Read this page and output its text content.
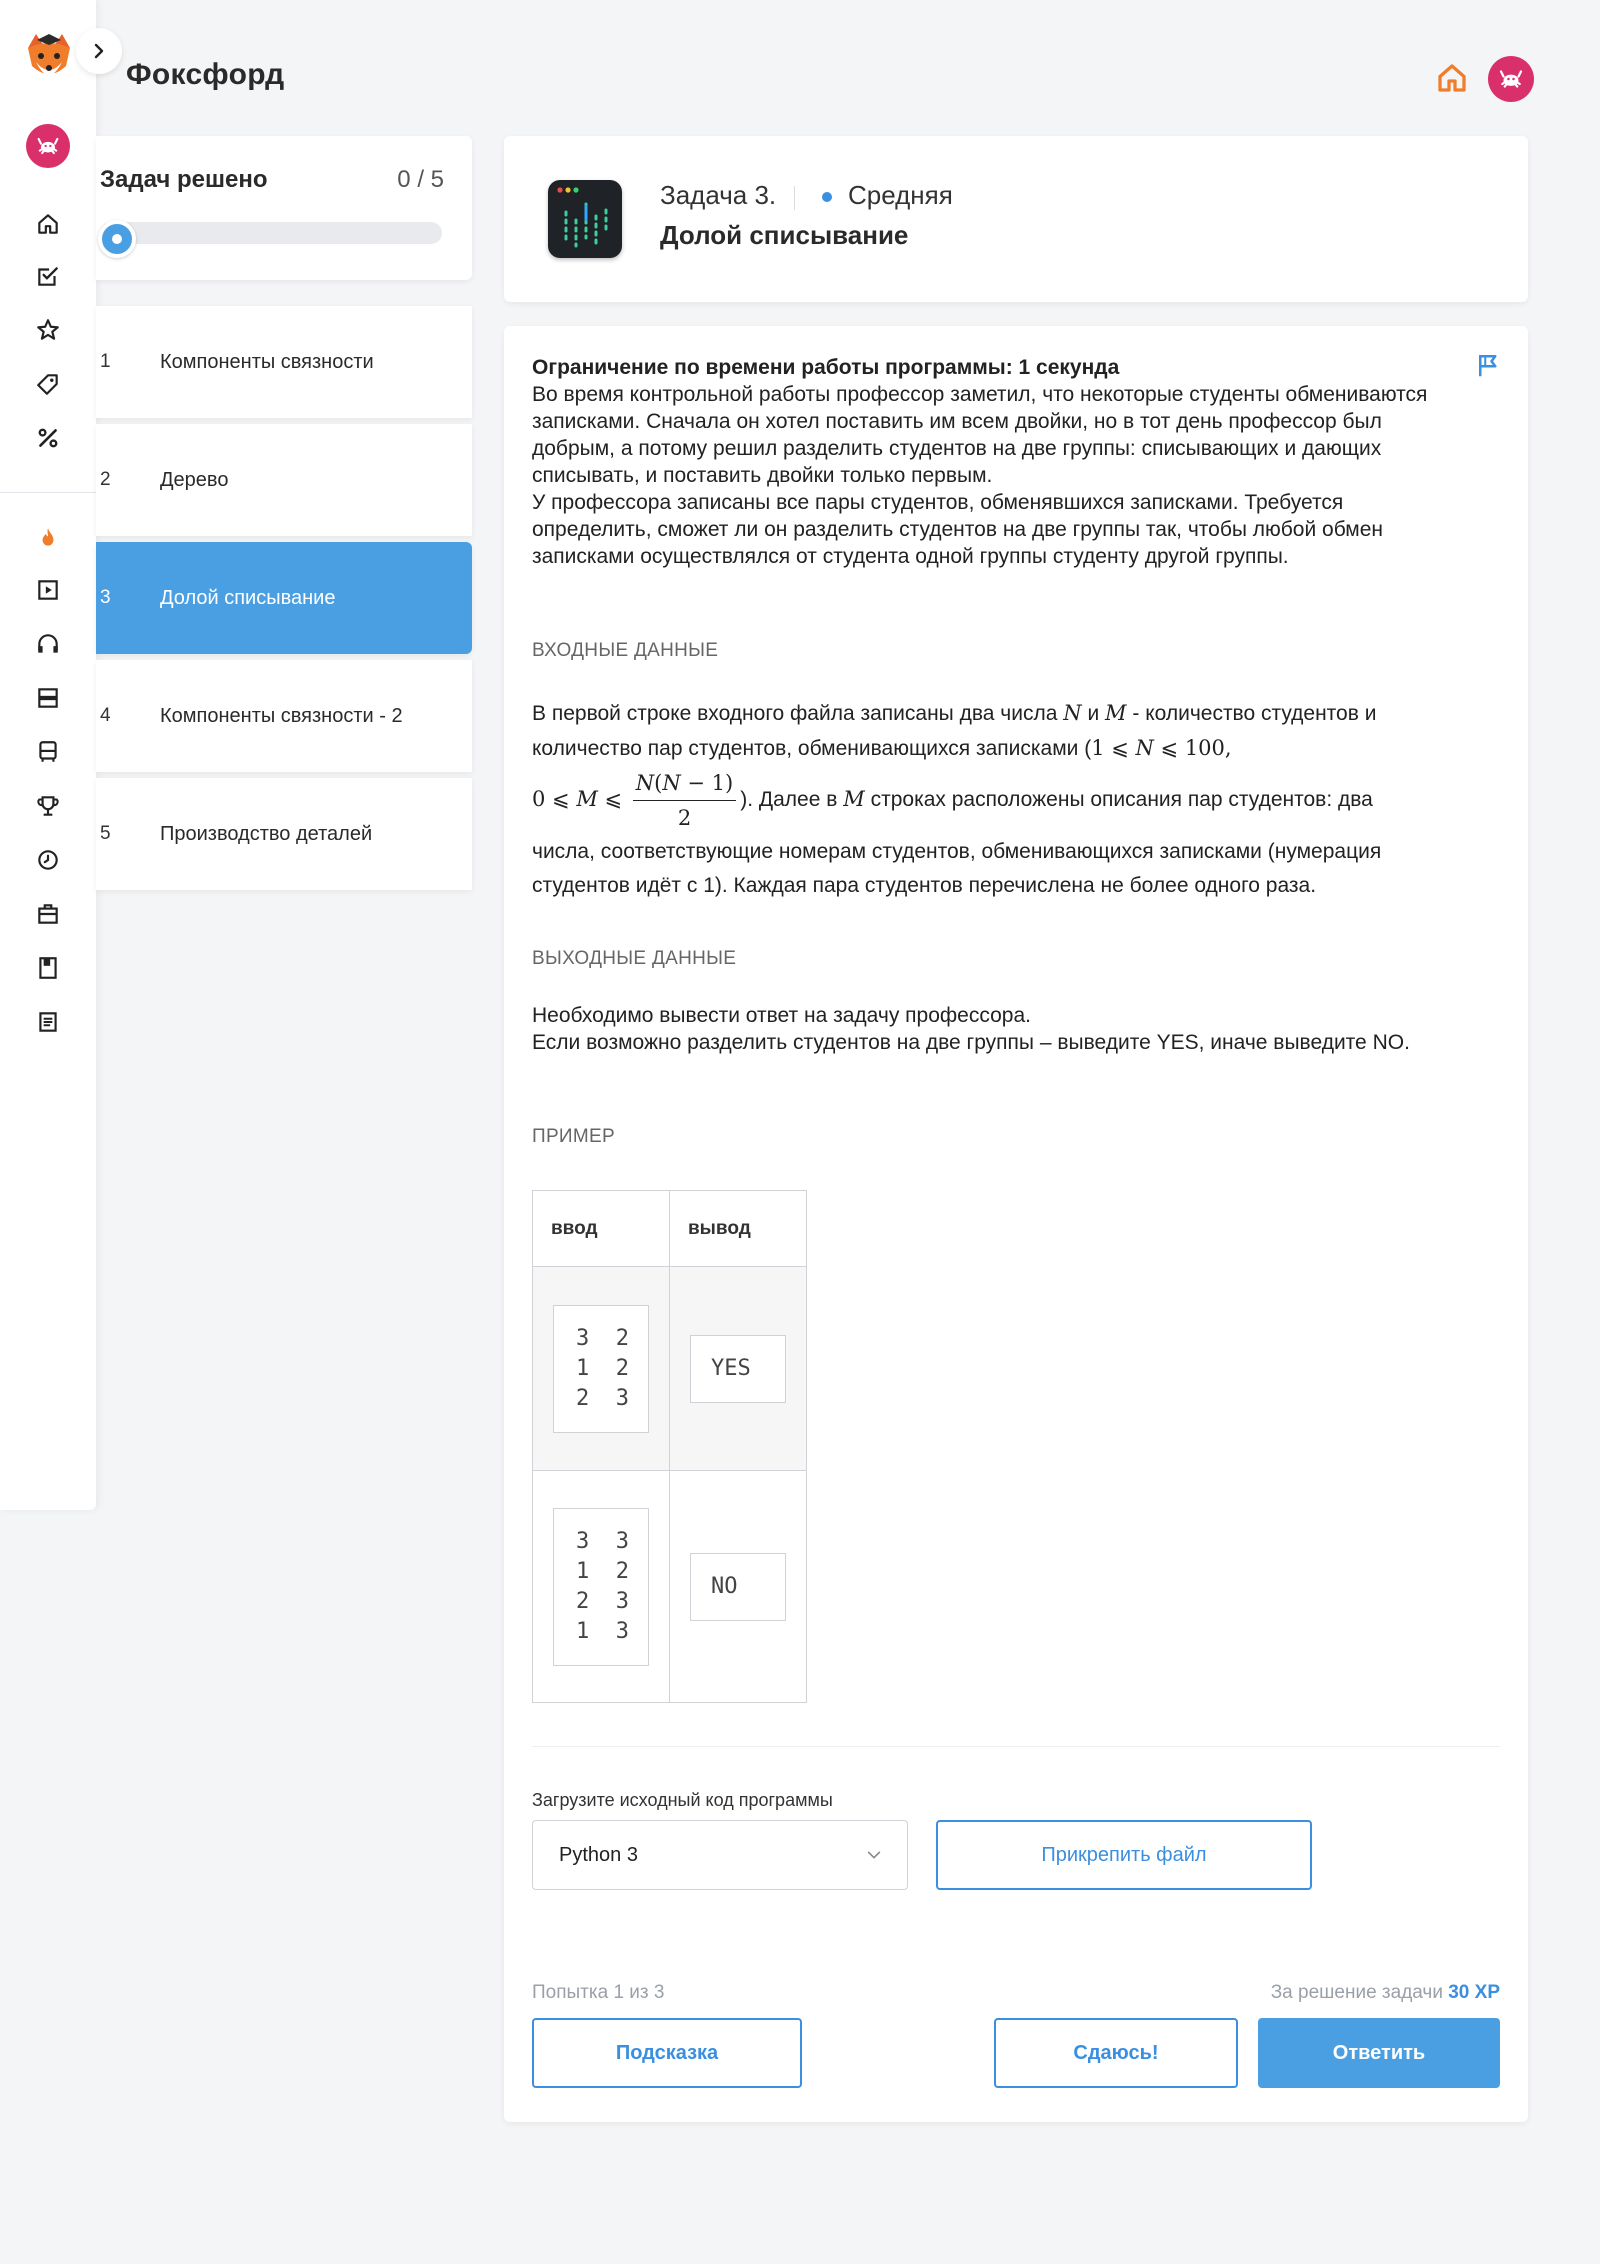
Фоксфорд
Задач решено	0 / 5
1	Компоненты связности
2	Дерево
3	Долой списывание
4	Компоненты связности - 2
5	Производство деталей
Задача 3.	Средняя
Долой списывание
Ограничение по времени работы программы: 1 секунда
Во время контрольной работы профессор заметил, что некоторые студенты обмениваются записками. Сначала он хотел поставить им всем двойки, но в тот день профессор был добрым, а потому решил разделить студентов на две группы: списывающих и дающих списывать, и поставить двойки только первым.
У профессора записаны все пары студентов, обменявшихся записками. Требуется определить, сможет ли он разделить студентов на две группы так, чтобы любой обмен записками осуществлялся от студента одной группы студенту другой группы.
ВХОДНЫЕ ДАННЫЕ
В первой строке входного файла записаны два числа N и M - количество студентов и количество пар студентов, обменивающихся записками (1 ⩽ N ⩽ 100,
0 ⩽ M ⩽ $\frac{N(N - 1)}{2}$ ). Далее в M строках расположены описания пар студентов: два числа, соответствующие номерам студентов, обменивающихся записками (нумерация студентов идёт с 1). Каждая пара студентов перечислена не более одного раза.
ВЫХОДНЫЕ ДАННЫЕ
Необходимо вывести ответ на задачу профессора.
Если возможно разделить студентов на две группы – выведите YES, иначе выведите NO.
ПРИМЕР
ввод	вывод
3  2
1  2
2  3	YES
3  3
1  2
2  3
1  3	NO
Загрузите исходный код программы
Python 3	Прикрепить файл
Попытка 1 из 3	За решение задачи 30 XP
Подсказка	Сдаюсь!	Ответить
